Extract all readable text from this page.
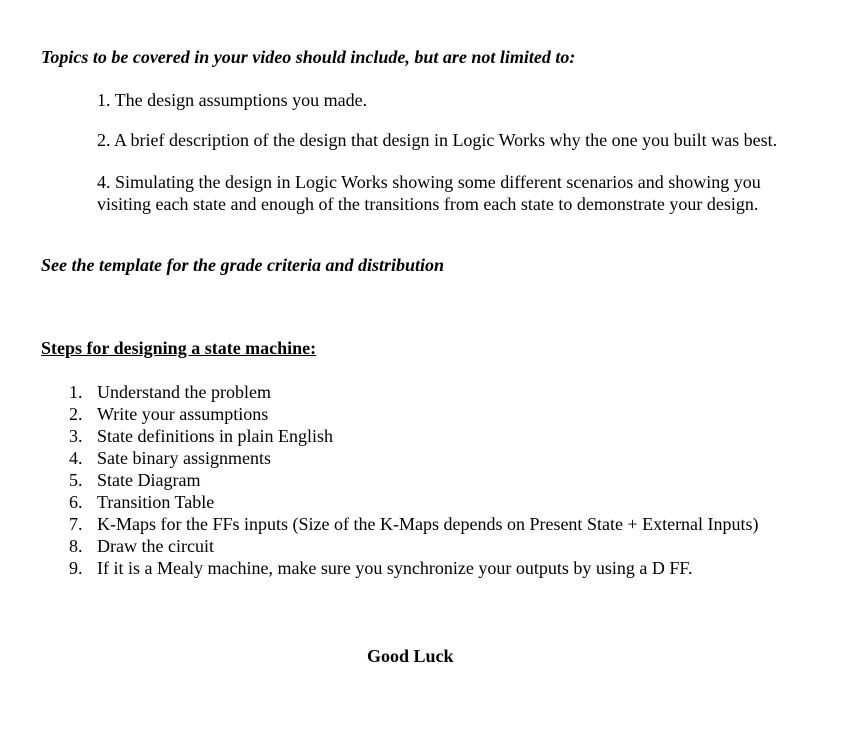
Topics to be covered in your video should include, but are not limited to:
1. The design assumptions you made.
2. A brief description of the design that design in Logic Works why the one you built was best.
4. Simulating the design in Logic Works showing some different scenarios and showing you visiting each state and enough of the transitions from each state to demonstrate your design.
See the template for the grade criteria and distribution
Steps for designing a state machine:
1. Understand the problem
2. Write your assumptions
3. State definitions in plain English
4. Sate binary assignments
5. State Diagram
6. Transition Table
7. K-Maps for the FFs inputs (Size of the K-Maps depends on Present State + External Inputs)
8. Draw the circuit
9. If it is a Mealy machine, make sure you synchronize your outputs by using a D FF.
Good Luck
